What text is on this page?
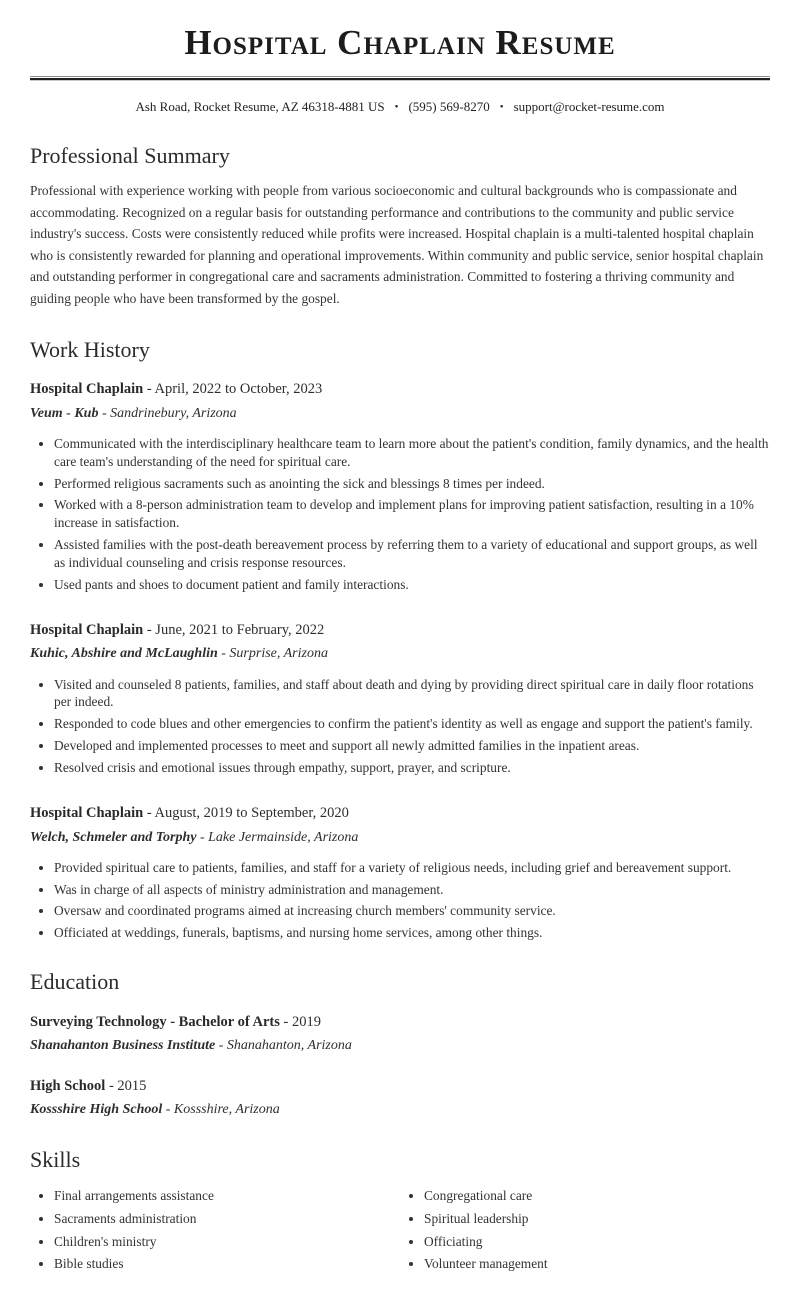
Hospital Chaplain Resume
Ash Road, Rocket Resume, AZ 46318-4881 US • (595) 569-8270 • support@rocket-resume.com
Professional Summary

Professional with experience working with people from various socioeconomic and cultural backgrounds who is compassionate and accommodating. Recognized on a regular basis for outstanding performance and contributions to the community and public service industry's success. Costs were consistently reduced while profits were increased. Hospital chaplain is a multi-talented hospital chaplain who is consistently rewarded for planning and operational improvements. Within community and public service, senior hospital chaplain and outstanding performer in congregational care and sacraments administration. Committed to fostering a thriving community and guiding people who have been transformed by the gospel.

Work History

Hospital Chaplain - April, 2022 to October, 2023

Veum - Kub - Sandrinebury, Arizona

• Communicated with the interdisciplinary healthcare team to learn more about the patient's condition, family dynamics, and the health care team's understanding of the need for spiritual care.
• Performed religious sacraments such as anointing the sick and blessings 8 times per indeed.
• Worked with a 8-person administration team to develop and implement plans for improving patient satisfaction, resulting in a 10% increase in satisfaction.
• Assisted families with the post-death bereavement process by referring them to a variety of educational and support groups, as well as individual counseling and crisis response resources.
• Used pants and shoes to document patient and family interactions.

Hospital Chaplain - June, 2021 to February, 2022

Kuhic, Abshire and McLaughlin - Surprise, Arizona

• Visited and counseled 8 patients, families, and staff about death and dying by providing direct spiritual care in daily floor rotations per indeed.
• Responded to code blues and other emergencies to confirm the patient's identity as well as engage and support the patient's family.
• Developed and implemented processes to meet and support all newly admitted families in the inpatient areas.
• Resolved crisis and emotional issues through empathy, support, prayer, and scripture.

Hospital Chaplain - August, 2019 to September, 2020

Welch, Schmeler and Torphy - Lake Jermainside, Arizona

• Provided spiritual care to patients, families, and staff for a variety of religious needs, including grief and bereavement support.
• Was in charge of all aspects of ministry administration and management.
• Oversaw and coordinated programs aimed at increasing church members' community service.
• Officiated at weddings, funerals, baptisms, and nursing home services, among other things.
Education

Surveying Technology - Bachelor of Arts - 2019

Shanahanton Business Institute - Shanahanton, Arizona

High School - 2015

Kossshire High School - Kossshire, Arizona

Skills
• Final arrangements assistance
• Sacraments administration
• Children's ministry
• Bible studies
• Congregational care
• Spiritual leadership
• Officiating
• Volunteer management
